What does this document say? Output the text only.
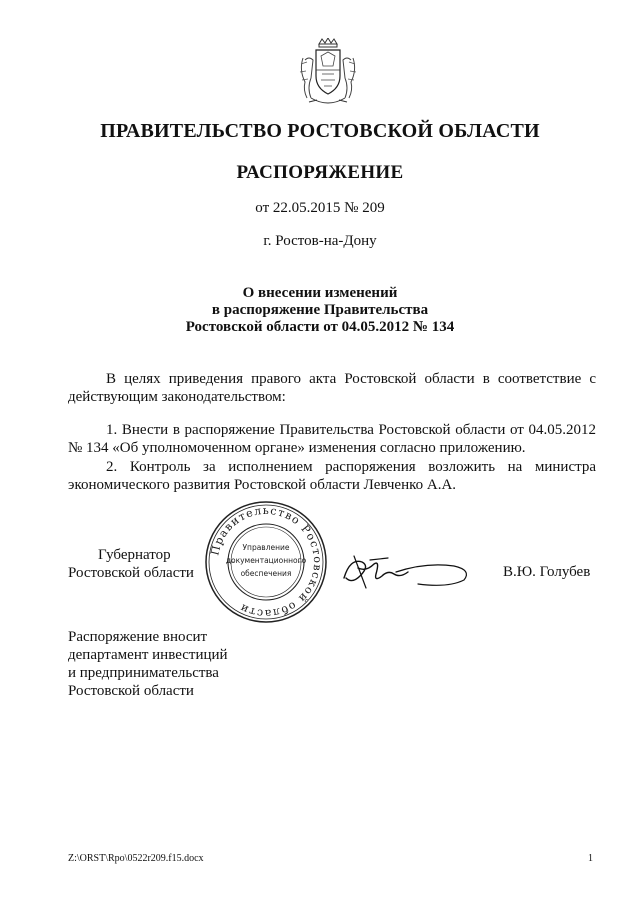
ПРАВИТЕЛЬСТВО РОСТОВСКОЙ ОБЛАСТИ
РАСПОРЯЖЕНИЕ
от 22.05.2015 № 209
г. Ростов-на-Дону
О внесении изменений
в распоряжение Правительства
Ростовской области от 04.05.2012 № 134
В целях приведения правого акта Ростовской области в соответствие с действующим законодательством:
1. Внести в распоряжение Правительства Ростовской области от 04.05.2012 № 134 «Об уполномоченном органе» изменения согласно приложению.
2. Контроль за исполнением распоряжения возложить на министра экономического развития Ростовской области Левченко А.А.
Губернатор
Ростовской области
Правительство Ростовской области
Управление
документационного
обеспечения	В.Ю. Голубев
Распоряжение вносит
департамент инвестиций
и предпринимательства
Ростовской области
Z:\ORST\Rpo\0522r209.f15.docx	1
